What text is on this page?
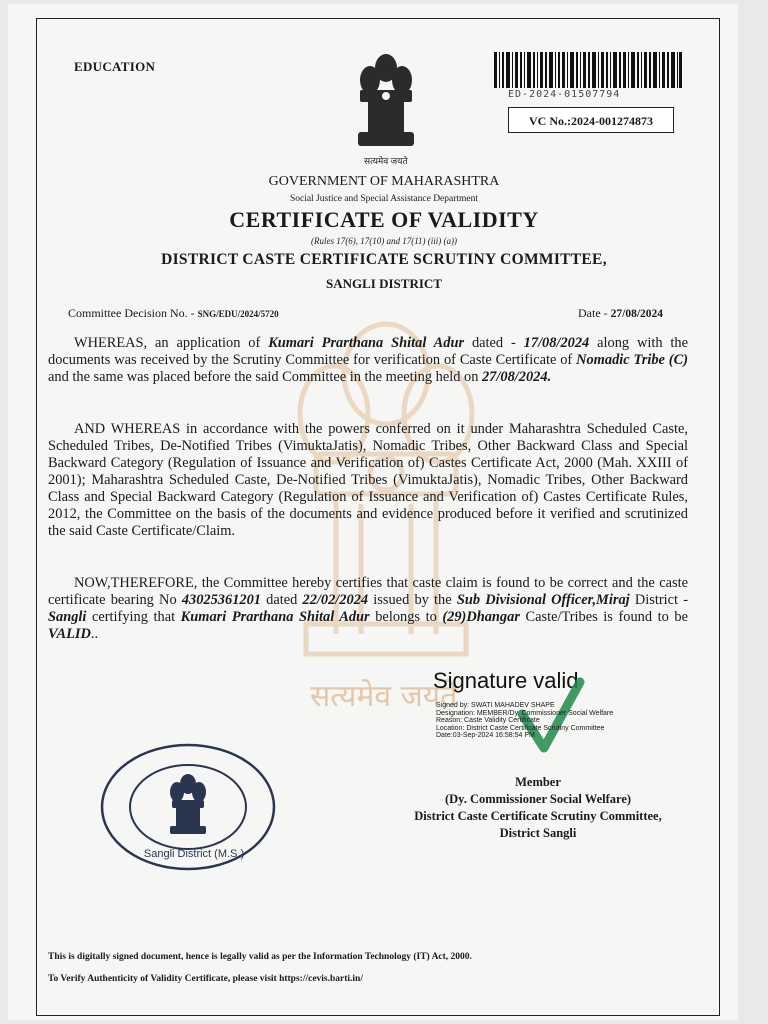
सत्यमेव जयते
EDUCATION
सत्यमेव जयते
ED-2024-01507794
VC No.:2024-001274873
GOVERNMENT OF MAHARASHTRA
Social Justice and Special Assistance Department
CERTIFICATE OF VALIDITY
(Rules 17(6), 17(10) and 17(11) (iii) (a))
DISTRICT CASTE CERTIFICATE SCRUTINY COMMITTEE,
SANGLI DISTRICT
Committee Decision No. - SNG/EDU/2024/5720	Date - 27/08/2024
WHEREAS, an application of Kumari Prarthana Shital Adur dated - 17/08/2024 along with the documents was received by the Scrutiny Committee for verification of Caste Certificate of Nomadic Tribe (C) and the same was placed before the said Committee in the meeting held on 27/08/2024.
AND WHEREAS in accordance with the powers conferred on it under Maharashtra Scheduled Caste, Scheduled Tribes, De-Notified Tribes (VimuktaJatis), Nomadic Tribes, Other Backward Class and Special Backward Category (Regulation of Issuance and Verification of) Castes Certificate Act, 2000 (Mah. XXIII of 2001); Maharashtra Scheduled Caste, De-Notified Tribes (VimuktaJatis), Nomadic Tribes, Other Backward Class and Special Backward Category (Regulation of Issuance and Verification of) Castes Certificate Rules, 2012, the Committee on the basis of the documents and evidence produced before it verified and scrutinized the said Caste Certificate/Claim.
NOW,THEREFORE, the Committee hereby certifies that caste claim is found to be correct and the caste certificate bearing No 43025361201 dated 22/02/2024 issued by the Sub Divisional Officer,Miraj District - Sangli certifying that Kumari Prarthana Shital Adur belongs to (29)Dhangar Caste/Tribes is found to be VALID..
Signature valid
Signed by: SWATI MAHADEV SHAPE
Designation: MEMBER/Dy. Commissioner Social Welfare
Reason: Caste Validity Certificate
Location: District Caste Certificate Scrutiny Committee
Date:03-Sep-2024 16:58:54 PM
Member
(Dy. Commissioner Social Welfare)
District Caste Certificate Scrutiny Committee,
District Sangli
Sangli District (M.S.)
This is digitally signed document, hence is legally valid as per the Information Technology (IT) Act, 2000.
To Verify Authenticity of Validity Certificate, please visit https://cevis.barti.in/
